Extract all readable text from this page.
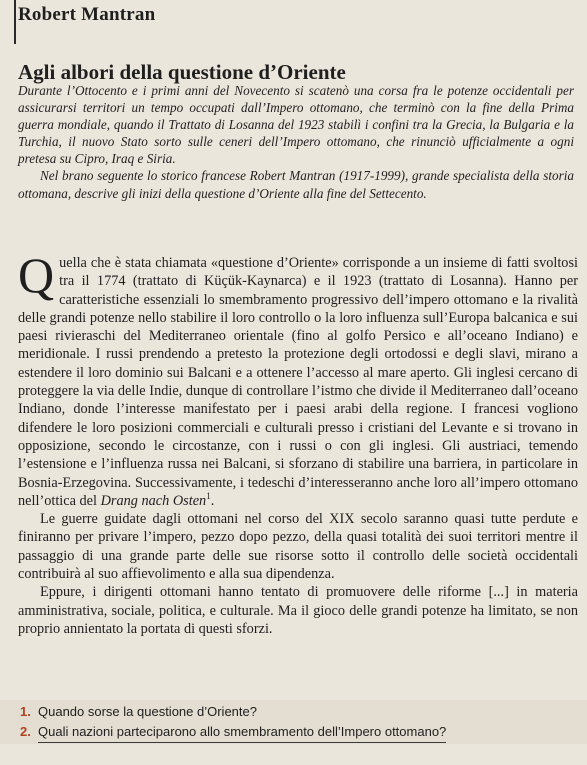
Robert Mantran
Agli albori della questione d’Oriente

Durante l’Ottocento e i primi anni del Novecento si scatenò una corsa fra le potenze occidentali per assicurarsi territori un tempo occupati dall’Impero ottomano, che terminò con la fine della Prima guerra mondiale, quando il Trattato di Losanna del 1923 stabilì i confini tra la Grecia, la Bulgaria e la Turchia, il nuovo Stato sorto sulle ceneri dell’Impero ottomano, che rinunciò ufficialmente a ogni pretesa su Cipro, Iraq e Siria.

Nel brano seguente lo storico francese Robert Mantran (1917-1999), grande specialista della storia ottomana, descrive gli inizi della questione d’Oriente alla fine del Settecento.

Quella che è stata chiamata «questione d’Oriente» corrisponde a un insieme di fatti svoltosi tra il 1774 (trattato di Küçük-Kaynarca) e il 1923 (trattato di Losanna). Hanno per caratteristiche essenziali lo smembramento progressivo dell’impero ottomano e la rivalità delle grandi potenze nello stabilire il loro controllo o la loro influenza sull’Europa balcanica e sui paesi rivieraschi del Mediterraneo orientale (fino al golfo Persico e all’oceano Indiano) e meridionale. I russi prendendo a pretesto la protezione degli ortodossi e degli slavi, mirano a estendere il loro dominio sui Balcani e a ottenere l’accesso al mare aperto. Gli inglesi cercano di proteggere la via delle Indie, dunque di controllare l’istmo che divide il Mediterraneo dall’oceano Indiano, donde l’interesse manifestato per i paesi arabi della regione. I francesi vogliono difendere le loro posizioni commerciali e culturali presso i cristiani del Levante e si trovano in opposizione, secondo le circostanze, con i russi o con gli inglesi. Gli austriaci, temendo l’estensione e l’influenza russa nei Balcani, si sforzano di stabilire una barriera, in particolare in Bosnia-Erzegovina. Successivamente, i tedeschi d’interesseranno anche loro all’impero ottomano nell’ottica del Drang nach Osten$^1$.

Le guerre guidate dagli ottomani nel corso del XIX secolo saranno quasi tutte perdute e finiranno per privare l’impero, pezzo dopo pezzo, della quasi totalità dei suoi territori mentre il passaggio di una grande parte delle sue risorse sotto il controllo delle società occidentali contribuirà al suo affievolimento e alla sua dipendenza.

Eppure, i dirigenti ottomani hanno tentato di promuovere delle riforme [...] in materia amministrativa, sociale, politica, e culturale. Ma il gioco delle grandi potenze ha limitato, se non proprio annientato la portata di questi sforzi.

1. Quando sorse la questione d’Oriente?
2. Quali nazioni parteciparono allo smembramento dell’Impero ottomano?
